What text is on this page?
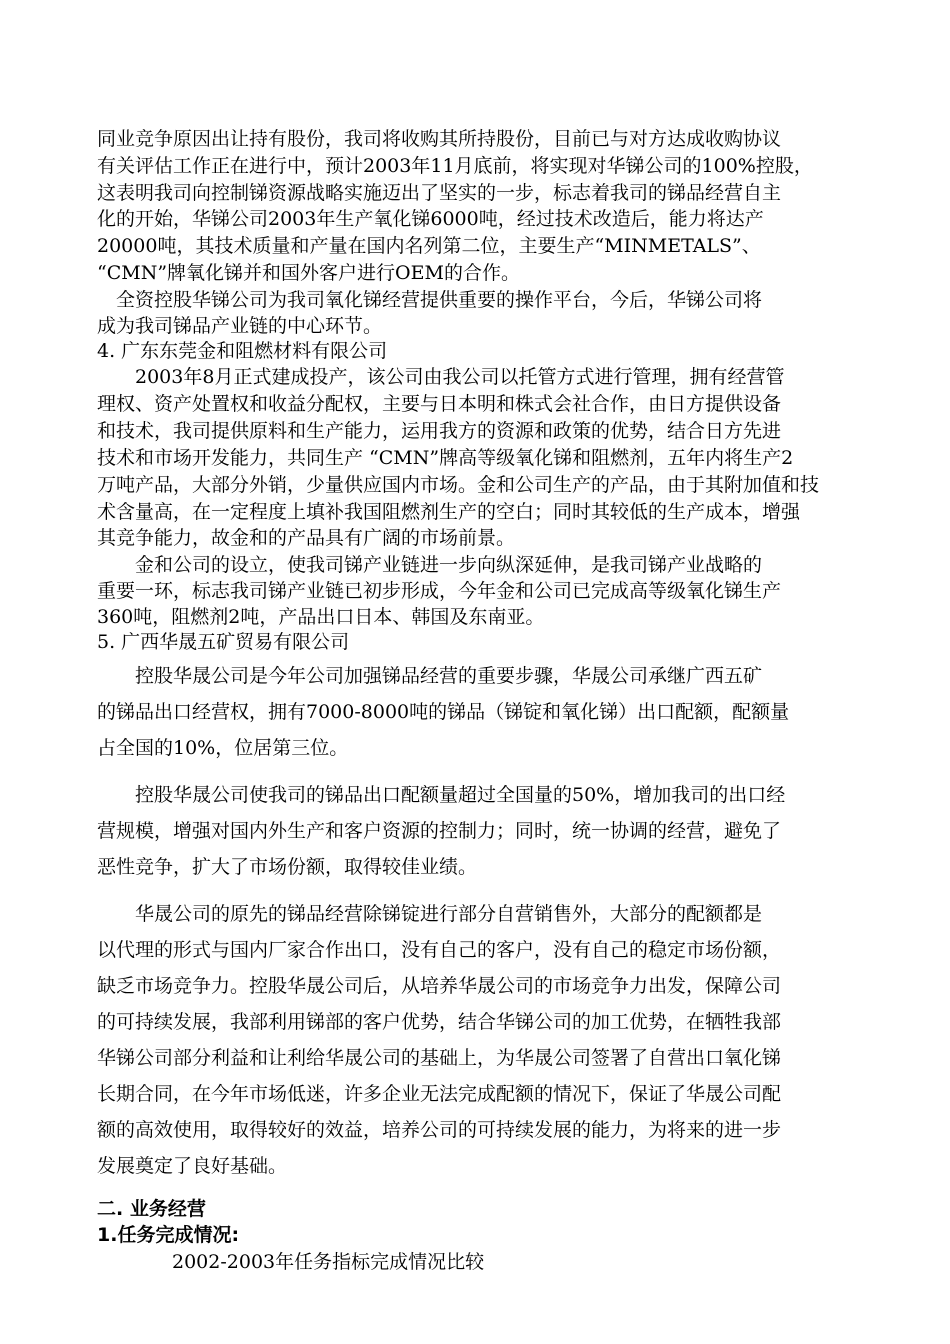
同业竞争原因出让持有股份，我司将收购其所持股份，目前已与对方达成收购协议
有关评估工作正在进行中，预计2003年11月底前，将实现对华锑公司的100%控股，
这表明我司向控制锑资源战略实施迈出了坚实的一步，标志着我司的锑品经营自主
化的开始，华锑公司2003年生产氧化锑6000吨，经过技术改造后，能力将达产
20000吨，其技术质量和产量在国内名列第二位，主要生产“MINMETALS”、
“CMN”牌氧化锑并和国外客户进行OEM的合作。
　全资控股华锑公司为我司氧化锑经营提供重要的操作平台，今后，华锑公司将
成为我司锑品产业链的中心环节。
4. 广东东莞金和阻燃材料有限公司
　　2003年8月正式建成投产，该公司由我公司以托管方式进行管理，拥有经营管
理权、资产处置权和收益分配权，主要与日本明和株式会社合作，由日方提供设备
和技术，我司提供原料和生产能力，运用我方的资源和政策的优势，结合日方先进
技术和市场开发能力，共同生产 “CMN”牌高等级氧化锑和阻燃剂，五年内将生产2
万吨产品，大部分外销，少量供应国内市场。金和公司生产的产品，由于其附加值和技
术含量高，在一定程度上填补我国阻燃剂生产的空白；同时其较低的生产成本，增强
其竞争能力，故金和的产品具有广阔的市场前景。
　　金和公司的设立，使我司锑产业链进一步向纵深延伸，是我司锑产业战略的
重要一环，标志我司锑产业链已初步形成，今年金和公司已完成高等级氧化锑生产
360吨，阻燃剂2吨，产品出口日本、韩国及东南亚。
5. 广西华晟五矿贸易有限公司
　　控股华晟公司是今年公司加强锑品经营的重要步骤，华晟公司承继广西五矿
的锑品出口经营权，拥有7000-8000吨的锑品（锑锭和氧化锑）出口配额，配额量
占全国的10%，位居第三位。
　　控股华晟公司使我司的锑品出口配额量超过全国量的50%，增加我司的出口经
营规模，增强对国内外生产和客户资源的控制力；同时，统一协调的经营，避免了
恶性竞争，扩大了市场份额，取得较佳业绩。
　　华晟公司的原先的锑品经营除锑锭进行部分自营销售外，大部分的配额都是
以代理的形式与国内厂家合作出口，没有自己的客户，没有自己的稳定市场份额，
缺乏市场竞争力。控股华晟公司后，从培养华晟公司的市场竞争力出发，保障公司
的可持续发展，我部利用锑部的客户优势，结合华锑公司的加工优势，在牺牲我部
华锑公司部分利益和让利给华晟公司的基础上，为华晟公司签署了自营出口氧化锑
长期合同，在今年市场低迷，许多企业无法完成配额的情况下，保证了华晟公司配
额的高效使用，取得较好的效益，培养公司的可持续发展的能力，为将来的进一步
发展奠定了良好基础。
二. 业务经营
1.任务完成情况:
2002-2003年任务指标完成情况比较
